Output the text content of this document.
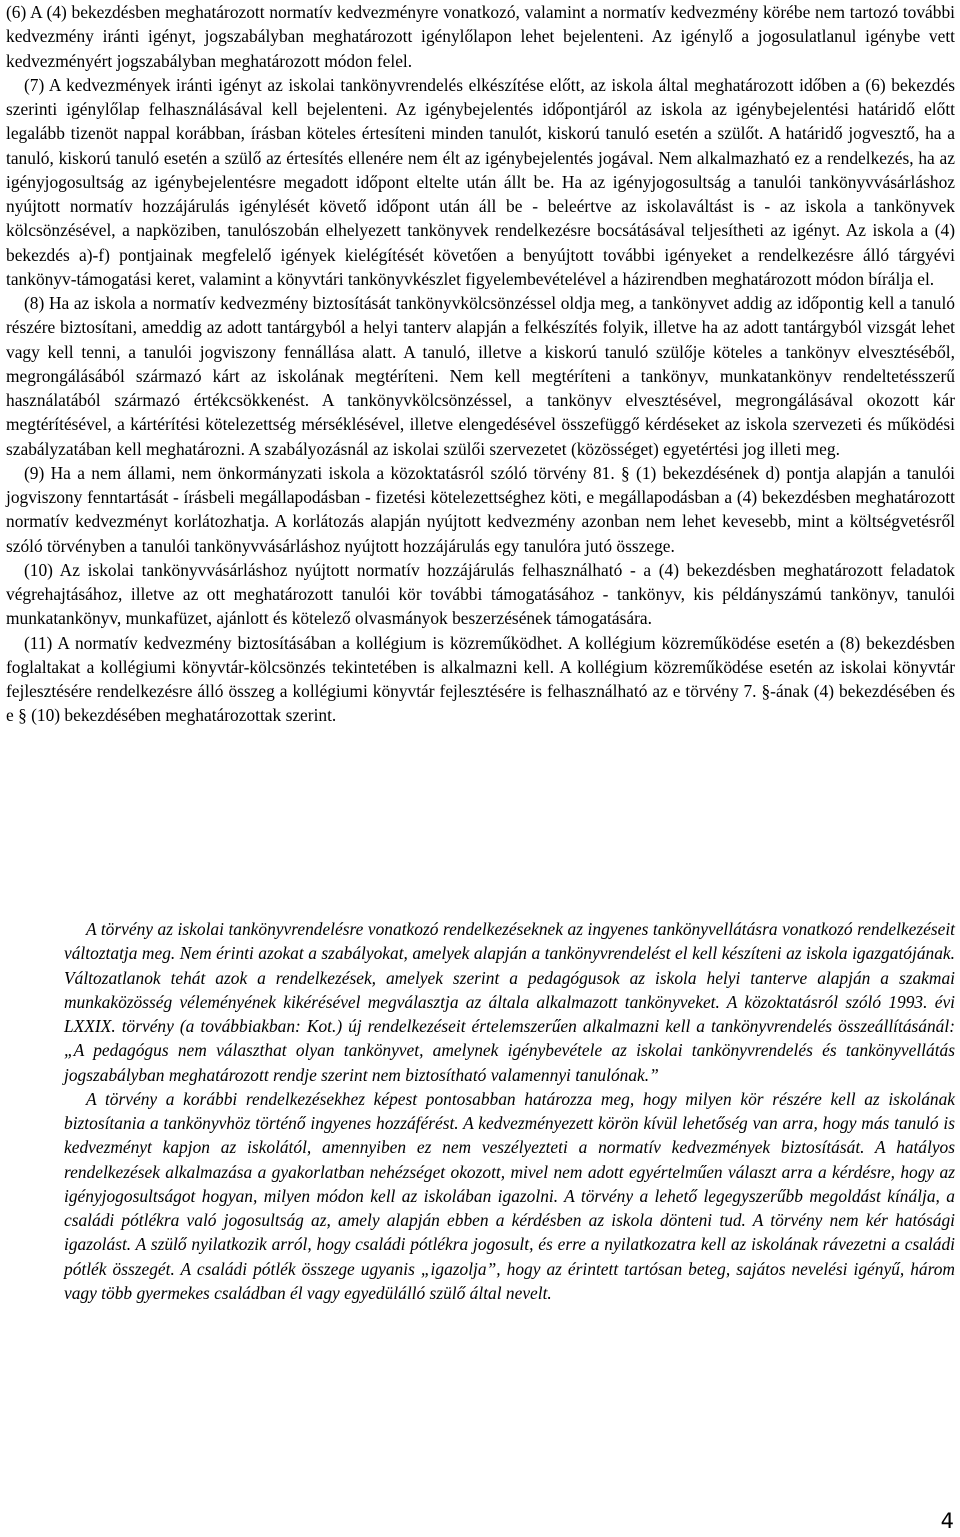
(6) A (4) bekezdésben meghatározott normatív kedvezményre vonatkozó, valamint a normatív kedvezmény körébe nem tartozó további kedvezmény iránti igényt, jogszabályban meghatározott igénylőlapon lehet bejelenteni. Az igénylő a jogosulatlanul igénybe vett kedvezményért jogszabályban meghatározott módon felel.

(7) A kedvezmények iránti igényt az iskolai tankönyvrendelés elkészítése előtt, az iskola által meghatározott időben a (6) bekezdés szerinti igénylőlap felhasználásával kell bejelenteni. Az igénybejelentés időpontjáról az iskola az igénybejelentési határidő előtt legalább tizenöt nappal korábban, írásban köteles értesíteni minden tanulót, kiskorú tanuló esetén a szülőt. A határidő jogvesztő, ha a tanuló, kiskorú tanuló esetén a szülő az értesítés ellenére nem élt az igénybejelentés jogával. Nem alkalmazható ez a rendelkezés, ha az igényjogosultság az igénybejelentésre megadott időpont eltelte után állt be. Ha az igényjogosultság a tanulói tankönyvvásárláshoz nyújtott normatív hozzájárulás igénylését követő időpont után áll be - beleértve az iskolaváltást is - az iskola a tankönyvek kölcsönzésével, a napköziben, tanulószobán elhelyezett tankönyvek rendelkezésre bocsátásával teljesítheti az igényt. Az iskola a (4) bekezdés a)-f) pontjainak megfelelő igények kielégítését követően a benyújtott további igényeket a rendelkezésre álló tárgyévi tankönyv-támogatási keret, valamint a könyvtári tankönyvkészlet figyelembevételével a házirendben meghatározott módon bírálja el.

(8) Ha az iskola a normatív kedvezmény biztosítását tankönyvkölcsönzéssel oldja meg, a tankönyvet addig az időpontig kell a tanuló részére biztosítani, ameddig az adott tantárgyból a helyi tanterv alapján a felkészítés folyik, illetve ha az adott tantárgyból vizsgát lehet vagy kell tenni, a tanulói jogviszony fennállása alatt. A tanuló, illetve a kiskorú tanuló szülője köteles a tankönyv elvesztéséből, megrongálásából származó kárt az iskolának megtéríteni. Nem kell megtéríteni a tankönyv, munkatankönyv rendeltetésszerű használatából származó értékcsökkenést. A tankönyvkölcsönzéssel, a tankönyv elvesztésével, megrongálásával okozott kár megtérítésével, a kártérítési kötelezettség mérséklésével, illetve elengedésével összefüggő kérdéseket az iskola szervezeti és működési szabályzatában kell meghatározni. A szabályozásnál az iskolai szülői szervezetet (közösséget) egyetértési jog illeti meg.

(9) Ha a nem állami, nem önkormányzati iskola a közoktatásról szóló törvény 81. § (1) bekezdésének d) pontja alapján a tanulói jogviszony fenntartását - írásbeli megállapodásban - fizetési kötelezettséghez köti, e megállapodásban a (4) bekezdésben meghatározott normatív kedvezményt korlátozhatja. A korlátozás alapján nyújtott kedvezmény azonban nem lehet kevesebb, mint a költségvetésről szóló törvényben a tanulói tankönyvvásárláshoz nyújtott hozzájárulás egy tanulóra jutó összege.

(10) Az iskolai tankönyvvásárláshoz nyújtott normatív hozzájárulás felhasználható - a (4) bekezdésben meghatározott feladatok végrehajtásához, illetve az ott meghatározott tanulói kör további támogatásához - tankönyv, kis példányszámú tankönyv, tanulói munkatankönyv, munkafüzet, ajánlott és kötelező olvasmányok beszerzésének támogatására.

(11) A normatív kedvezmény biztosításában a kollégium is közreműködhet. A kollégium közreműködése esetén a (8) bekezdésben foglaltakat a kollégiumi könyvtár-kölcsönzés tekintetében is alkalmazni kell. A kollégium közreműködése esetén az iskolai könyvtár fejlesztésére rendelkezésre álló összeg a kollégiumi könyvtár fejlesztésére is felhasználható az e törvény 7. §-ának (4) bekezdésében és e § (10) bekezdésében meghatározottak szerint.

A törvény az iskolai tankönyvrendelésre vonatkozó rendelkezéseknek az ingyenes tankönyvellátásra vonatkozó rendelkezéseit változtatja meg. Nem érinti azokat a szabályokat, amelyek alapján a tankönyvrendelést el kell készíteni az iskola igazgatójának. Változatlanok tehát azok a rendelkezések, amelyek szerint a pedagógusok az iskola helyi tanterve alapján a szakmai munkaközösség véleményének kikérésével megválasztja az általa alkalmazott tankönyveket. A közoktatásról szóló 1993. évi LXXIX. törvény (a továbbiakban: Kot.) új rendelkezéseit értelemszerűen alkalmazni kell a tankönyvrendelés összeállításánál: „A pedagógus nem választhat olyan tankönyvet, amelynek igénybevétele az iskolai tankönyvrendelés és tankönyvellátás jogszabályban meghatározott rendje szerint nem biztosítható valamennyi tanulónak.”

A törvény a korábbi rendelkezésekhez képest pontosabban határozza meg, hogy milyen kör részére kell az iskolának biztosítania a tankönyvhöz történő ingyenes hozzáférést. A kedvezményezett körön kívül lehetőség van arra, hogy más tanuló is kedvezményt kapjon az iskolától, amennyiben ez nem veszélyezteti a normatív kedvezmények biztosítását. A hatályos rendelkezések alkalmazása a gyakorlatban nehézséget okozott, mivel nem adott egyértelműen választ arra a kérdésre, hogy az igényjogosultságot hogyan, milyen módon kell az iskolában igazolni. A törvény a lehető legegyszerűbb megoldást kínálja, a családi pótlékra való jogosultság az, amely alapján ebben a kérdésben az iskola dönteni tud. A törvény nem kér hatósági igazolást. A szülő nyilatkozik arról, hogy családi pótlékra jogosult, és erre a nyilatkozatra kell az iskolának rávezetni a családi pótlék összegét. A családi pótlék összege ugyanis „igazolja”, hogy az érintett tartósan beteg, sajátos nevelési igényű, három vagy több gyermekes családban él vagy egyedülálló szülő által nevelt.

4
